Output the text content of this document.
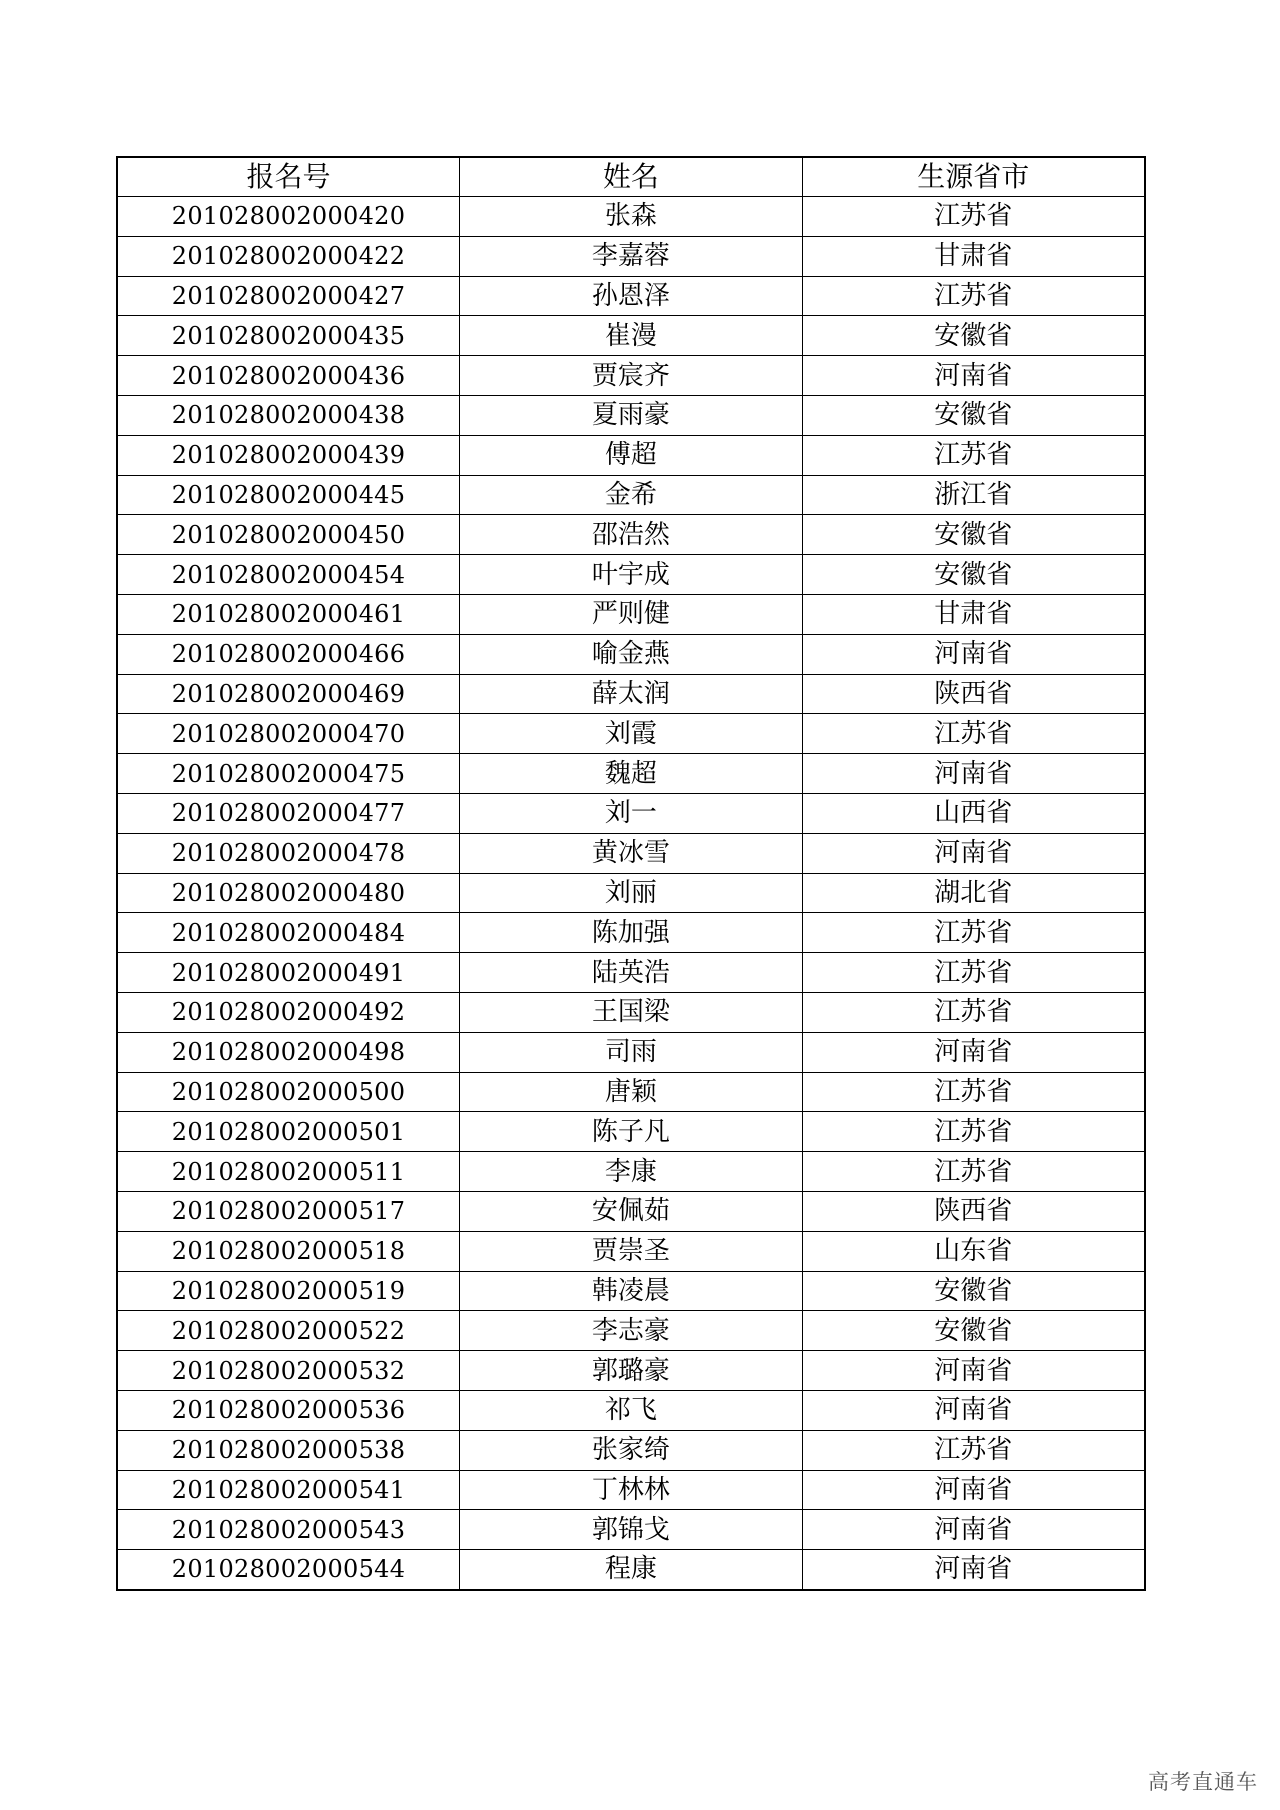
报名号	姓名	生源省市
201028002000420	张森	江苏省
201028002000422	李嘉蓉	甘肃省
201028002000427	孙恩泽	江苏省
201028002000435	崔漫	安徽省
201028002000436	贾宸齐	河南省
201028002000438	夏雨豪	安徽省
201028002000439	傅超	江苏省
201028002000445	金希	浙江省
201028002000450	邵浩然	安徽省
201028002000454	叶宇成	安徽省
201028002000461	严则健	甘肃省
201028002000466	喻金燕	河南省
201028002000469	薛太润	陕西省
201028002000470	刘霞	江苏省
201028002000475	魏超	河南省
201028002000477	刘一	山西省
201028002000478	黄冰雪	河南省
201028002000480	刘丽	湖北省
201028002000484	陈加强	江苏省
201028002000491	陆英浩	江苏省
201028002000492	王国梁	江苏省
201028002000498	司雨	河南省
201028002000500	唐颖	江苏省
201028002000501	陈子凡	江苏省
201028002000511	李康	江苏省
201028002000517	安佩茹	陕西省
201028002000518	贾崇圣	山东省
201028002000519	韩凌晨	安徽省
201028002000522	李志豪	安徽省
201028002000532	郭璐豪	河南省
201028002000536	祁飞	河南省
201028002000538	张家绮	江苏省
201028002000541	丁林林	河南省
201028002000543	郭锦戈	河南省
201028002000544	程康	河南省
高考直通车
